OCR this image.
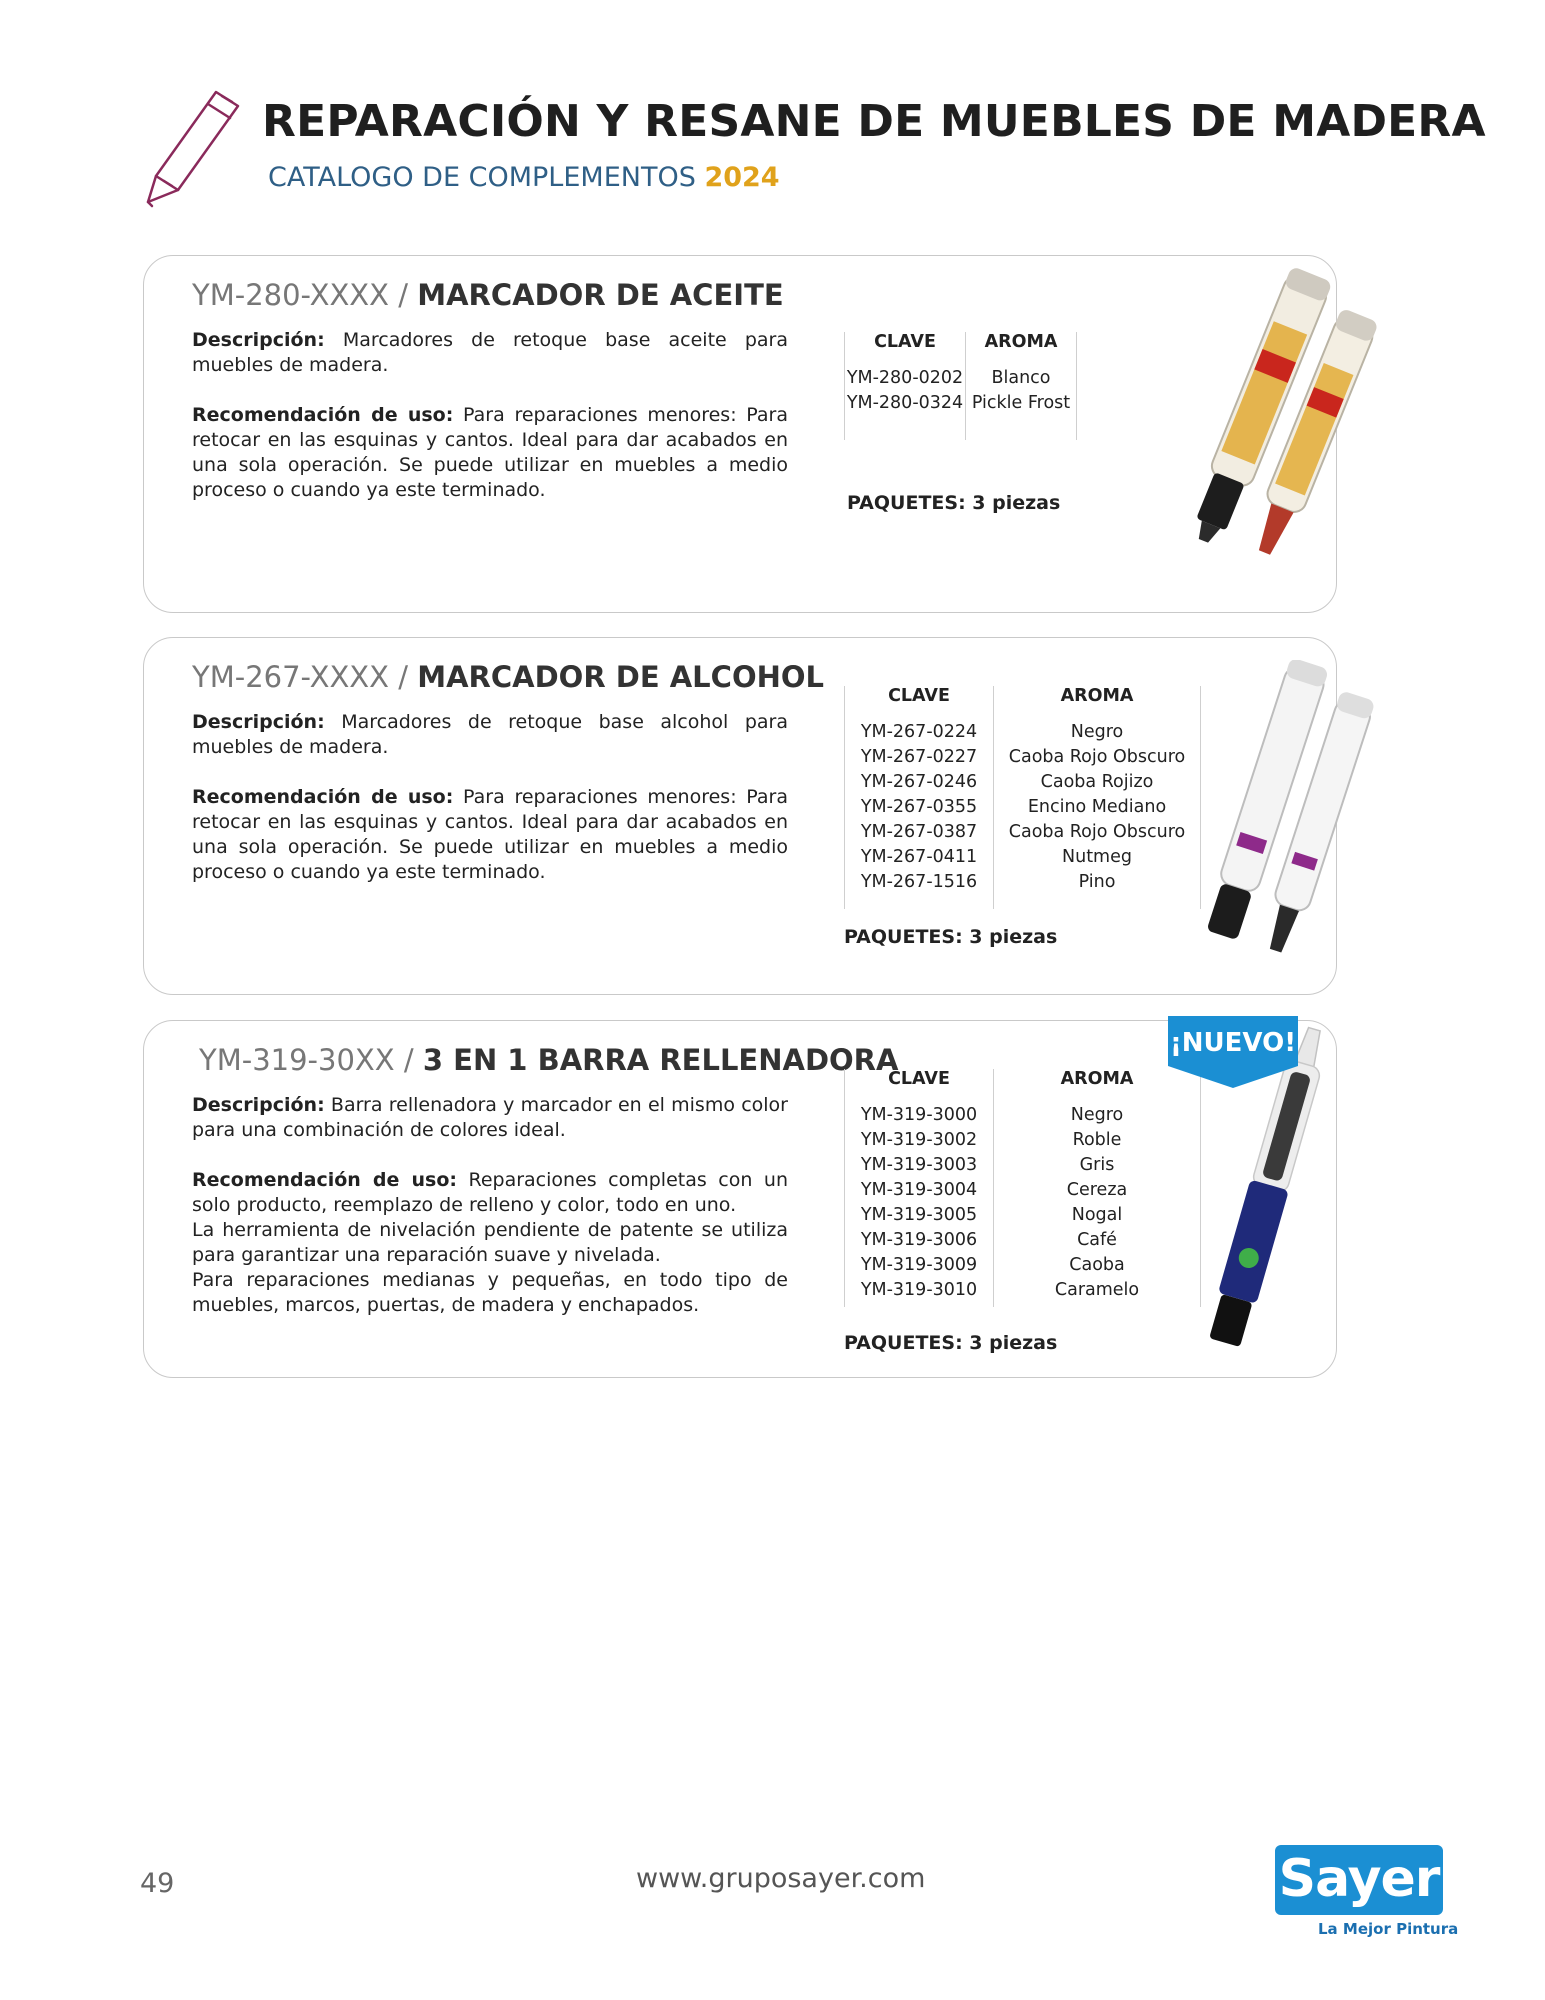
REPARACIÓN Y RESANE DE MUEBLES DE MADERA
CATALOGO DE COMPLEMENTOS 2024
YM-280-XXXX / MARCADOR DE ACEITE

Descripción: Marcadores de retoque base aceite para muebles de madera.

Recomendación de uso: Para reparaciones menores: Para retocar en las esquinas y cantos. Ideal para dar acabados en una sola operación. Se puede utilizar en muebles a medio proceso o cuando ya este terminado.

CLAVE	AROMA
YM-280-0202	Blanco
YM-280-0324	Pickle Frost

PAQUETES: 3 piezas
YM-267-XXXX / MARCADOR DE ALCOHOL

Descripción: Marcadores de retoque base alcohol para muebles de madera.

Recomendación de uso: Para reparaciones menores: Para retocar en las esquinas y cantos. Ideal para dar acabados en una sola operación. Se puede utilizar en muebles a medio proceso o cuando ya este terminado.

CLAVE	AROMA
YM-267-0224	Negro
YM-267-0227	Caoba Rojo Obscuro
YM-267-0246	Caoba Rojizo
YM-267-0355	Encino Mediano
YM-267-0387	Caoba Rojo Obscuro
YM-267-0411	Nutmeg
YM-267-1516	Pino

PAQUETES: 3 piezas
YM-319-30XX / 3 EN 1 BARRA RELLENADORA

Descripción: Barra rellenadora y marcador en el mismo color para una combinación de colores ideal.

Recomendación de uso: Reparaciones completas con un solo producto, reemplazo de relleno y color, todo en uno.

La herramienta de nivelación pendiente de patente se utiliza para garantizar una reparación suave y nivelada.

Para reparaciones medianas y pequeñas, en todo tipo de muebles, marcos, puertas, de madera y enchapados.

CLAVE	AROMA
YM-319-3000	Negro
YM-319-3002	Roble
YM-319-3003	Gris
YM-319-3004	Cereza
YM-319-3005	Nogal
YM-319-3006	Café
YM-319-3009	Caoba
YM-319-3010	Caramelo

PAQUETES: 3 piezas
¡NUEVO!
49	www.gruposayer.com	Sayer
La Mejor Pintura
